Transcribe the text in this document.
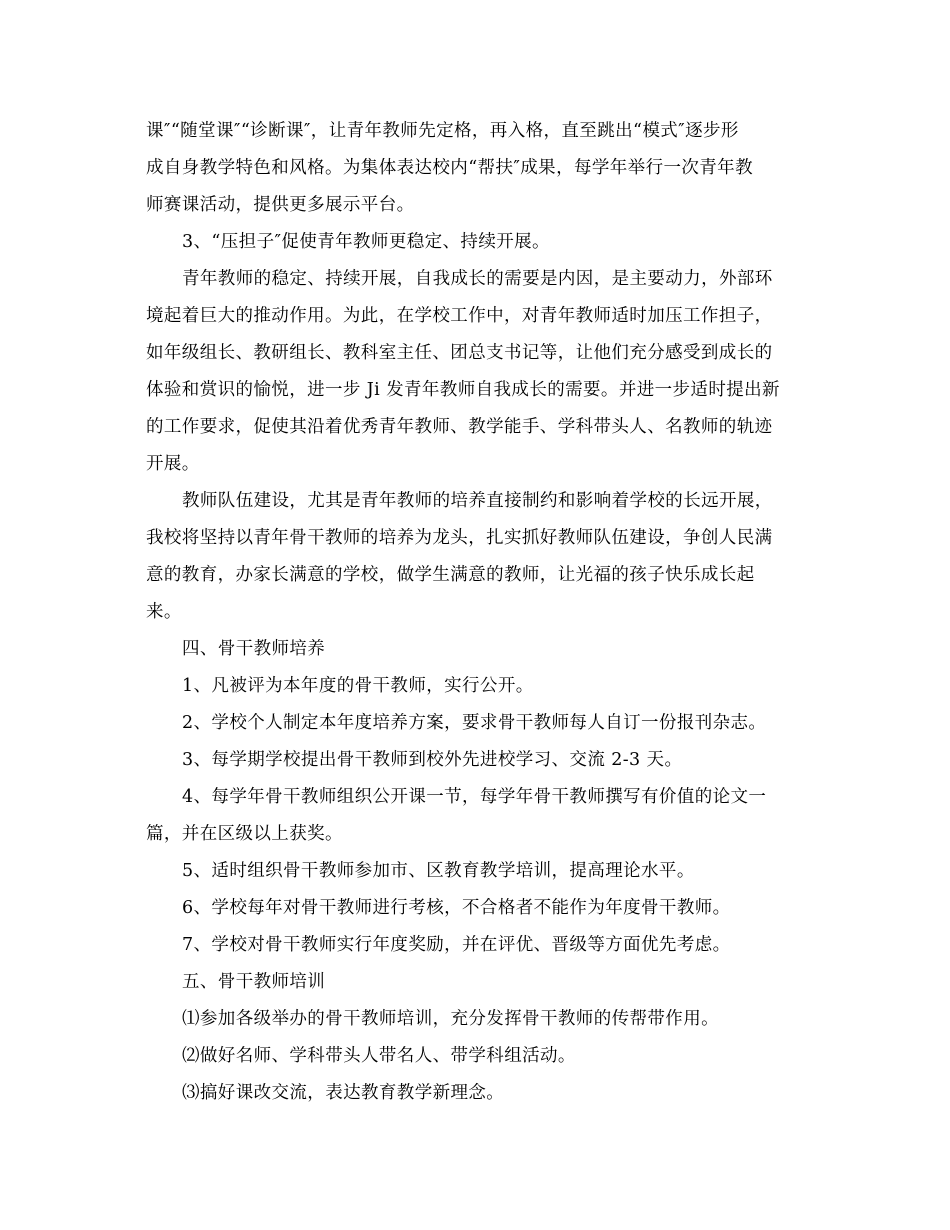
课″“随堂课″“诊断课″，让青年教师先定格，再入格，直至跳出“模式″逐步形
成自身教学特色和风格。为集体表达校内“帮扶″成果，每学年举行一次青年教
师赛课活动，提供更多展示平台。
3、“压担子″促使青年教师更稳定、持续开展。
青年教师的稳定、持续开展，自我成长的需要是内因，是主要动力，外部环
境起着巨大的推动作用。为此，在学校工作中，对青年教师适时加压工作担子，
如年级组长、教研组长、教科室主任、团总支书记等，让他们充分感受到成长的
体验和赏识的愉悦，进一步 Ji 发青年教师自我成长的需要。并进一步适时提出新
的工作要求，促使其沿着优秀青年教师、教学能手、学科带头人、名教师的轨迹
开展。
教师队伍建设，尤其是青年教师的培养直接制约和影响着学校的长远开展，
我校将坚持以青年骨干教师的培养为龙头，扎实抓好教师队伍建设，争创人民满
意的教育，办家长满意的学校，做学生满意的教师，让光福的孩子快乐成长起
来。
四、骨干教师培养
1、凡被评为本年度的骨干教师，实行公开。
2、学校个人制定本年度培养方案，要求骨干教师每人自订一份报刊杂志。
3、每学期学校提出骨干教师到校外先进校学习、交流 2-3 天。
4、每学年骨干教师组织公开课一节，每学年骨干教师撰写有价值的论文一
篇，并在区级以上获奖。
5、适时组织骨干教师参加市、区教育教学培训，提高理论水平。
6、学校每年对骨干教师进行考核，不合格者不能作为年度骨干教师。
7、学校对骨干教师实行年度奖励，并在评优、晋级等方面优先考虑。
五、骨干教师培训
⑴参加各级举办的骨干教师培训，充分发挥骨干教师的传帮带作用。
⑵做好名师、学科带头人带名人、带学科组活动。
⑶搞好课改交流，表达教育教学新理念。
